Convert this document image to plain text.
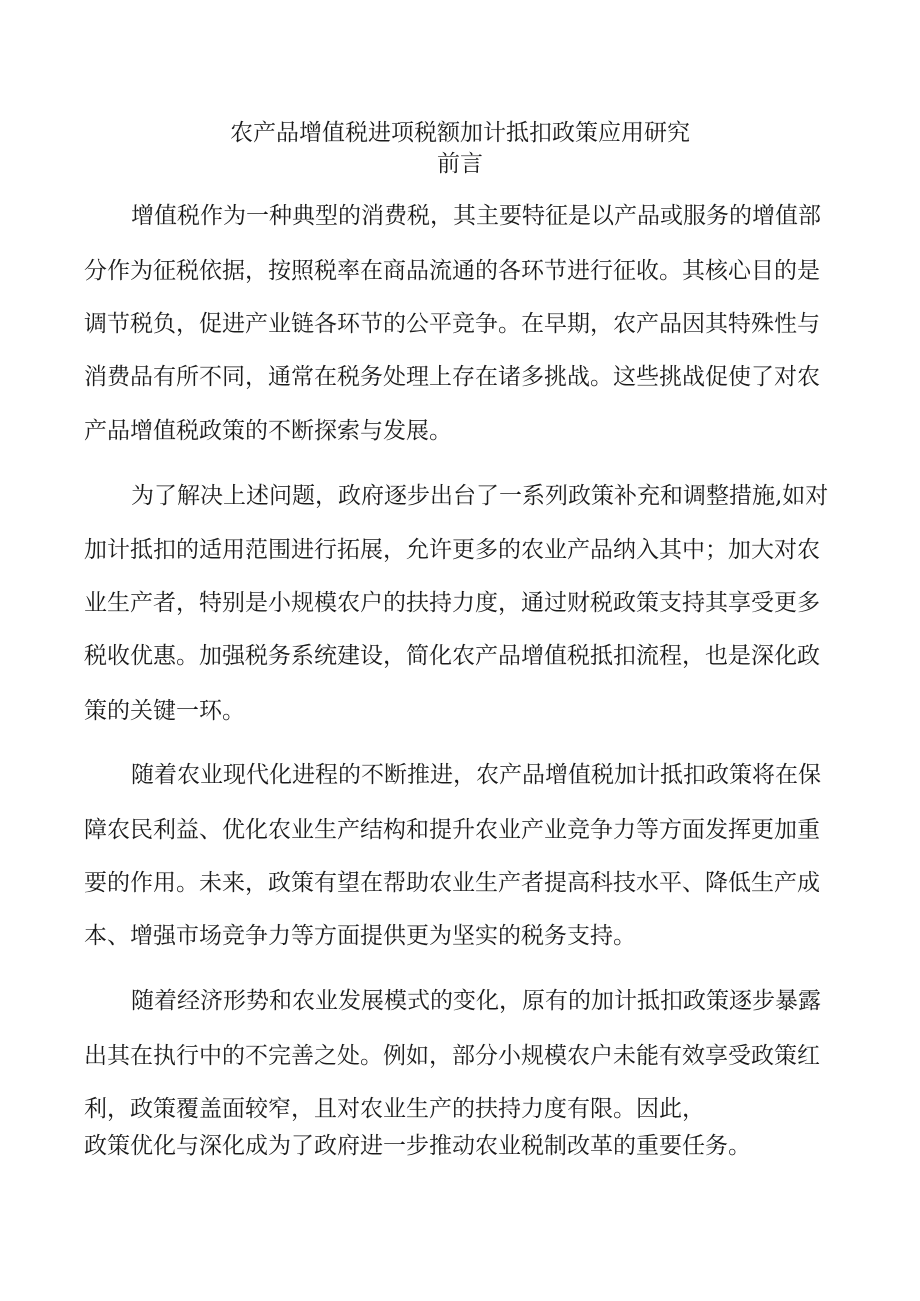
农产品增值税进项税额加计抵扣政策应用研究
前言
增值税作为一种典型的消费税，其主要特征是以产品或服务的增值部
分作为征税依据，按照税率在商品流通的各环节进行征收。其核心目的是
调节税负，促进产业链各环节的公平竞争。在早期，农产品因其特殊性与
消费品有所不同，通常在税务处理上存在诸多挑战。这些挑战促使了对农
产品增值税政策的不断探索与发展。
为了解决上述问题，政府逐步出台了一系列政策补充和调整措施,如对
加计抵扣的适用范围进行拓展，允许更多的农业产品纳入其中；加大对农
业生产者，特别是小规模农户的扶持力度，通过财税政策支持其享受更多
税收优惠。加强税务系统建设，简化农产品增值税抵扣流程，也是深化政
策的关键一环。
随着农业现代化进程的不断推进，农产品增值税加计抵扣政策将在保
障农民利益、优化农业生产结构和提升农业产业竞争力等方面发挥更加重
要的作用。未来，政策有望在帮助农业生产者提高科技水平、降低生产成
本、增强市场竞争力等方面提供更为坚实的税务支持。
随着经济形势和农业发展模式的变化，原有的加计抵扣政策逐步暴露
出其在执行中的不完善之处。例如，部分小规模农户未能有效享受政策红
利，政策覆盖面较窄，且对农业生产的扶持力度有限。因此，
政策优化与深化成为了政府进一步推动农业税制改革的重要任务。
